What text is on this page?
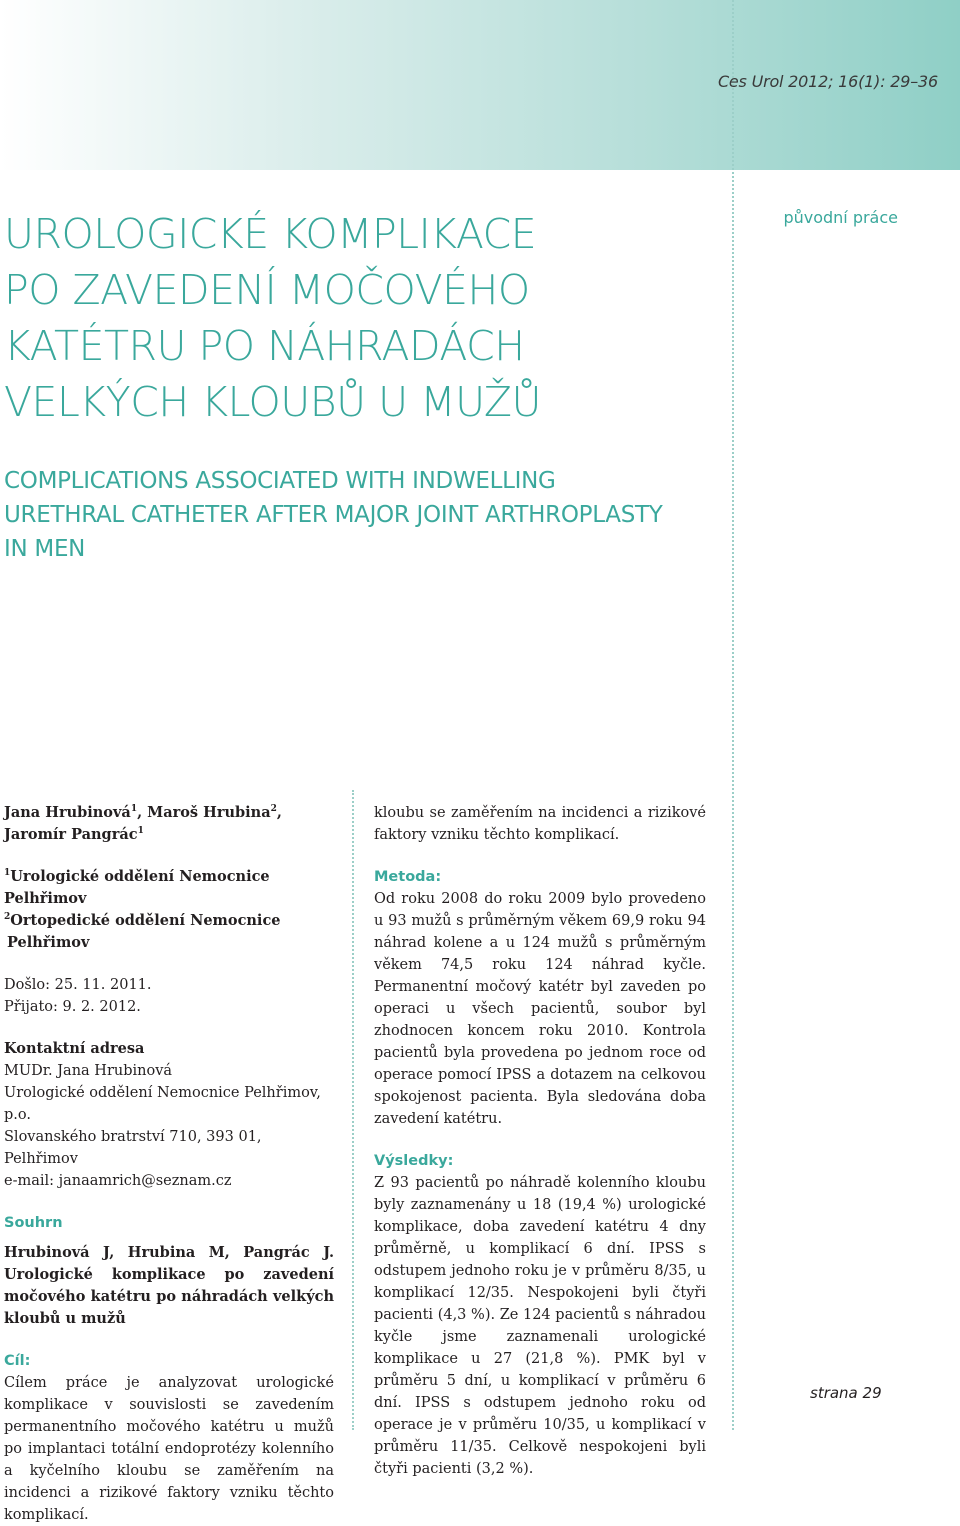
Ces Urol 2012; 16(1): 29–36
původní práce
UROLOGICKÉ KOMPLIKACE
PO ZAVEDENÍ MOČOVÉHO
KATÉTRU PO NÁHRADÁCH
VELKÝCH KLOUBŮ U MUŽŮ
COMPLICATIONS ASSOCIATED WITH INDWELLING
URETHRAL CATHETER AFTER MAJOR JOINT ARTHROPLASTY
IN MEN
Jana Hrubinová$^1$, Maroš Hrubina$^2$,
Jaromír Pangrác$^1$
$^1$Urologické oddělení Nemocnice Pelhřimov
$^2$Ortopedické oddělení Nemocnice
Pelhřimov
Došlo: 25. 11. 2011.
Přijato: 9. 2. 2012.
Kontaktní adresa
MUDr. Jana Hrubinová
Urologické oddělení Nemocnice Pelhřimov, p.o.
Slovanského bratrství 710, 393 01, Pelhřimov
e-mail: janaamrich@seznam.cz
Souhrn
Hrubinová J, Hrubina M, Pangrác J. Urologické komplikace po zavedení močového katétru po náhradách velkých kloubů u mužů
Cíl:
Cílem práce je analyzovat urologické komplikace v souvislosti se zavedením permanentního močového katétru u mužů po implantaci totální endoprotézy kolenního a kyčelního kloubu se zaměřením na incidenci a rizikové faktory vzniku těchto komplikací.
kloubu se zaměřením na incidenci a rizikové faktory vzniku těchto komplikací.
Metoda:
Od roku 2008 do roku 2009 bylo provedeno u 93 mužů s průměrným věkem 69,9 roku 94 náhrad kolene a u 124 mužů s průměrným věkem 74,5 roku 124 náhrad kyčle. Permanentní močový katétr byl zaveden po operaci u všech pacientů, soubor byl zhodnocen koncem roku 2010. Kontrola pacientů byla provedena po jednom roce od operace pomocí IPSS a dotazem na celkovou spokojenost pacienta. Byla sledována doba zavedení katétru.
Výsledky:
Z 93 pacientů po náhradě kolenního kloubu byly zaznamenány u 18 (19,4 %) urologické komplikace, doba zavedení katétru 4 dny průměrně, u komplikací 6 dní. IPSS s odstupem jednoho roku je v průměru 8/35, u komplikací 12/35. Nespokojeni byli čtyři pacienti (4,3 %). Ze 124 pacientů s náhradou kyčle jsme zaznamenali urologické komplikace u 27 (21,8 %). PMK byl v průměru 5 dní, u komplikací v průměru 6 dní. IPSS s odstupem jednoho roku od operace je v průměru 10/35, u komplikací v průměru 11/35. Celkově nespokojeni byli čtyři pacienti (3,2 %).
strana 29
